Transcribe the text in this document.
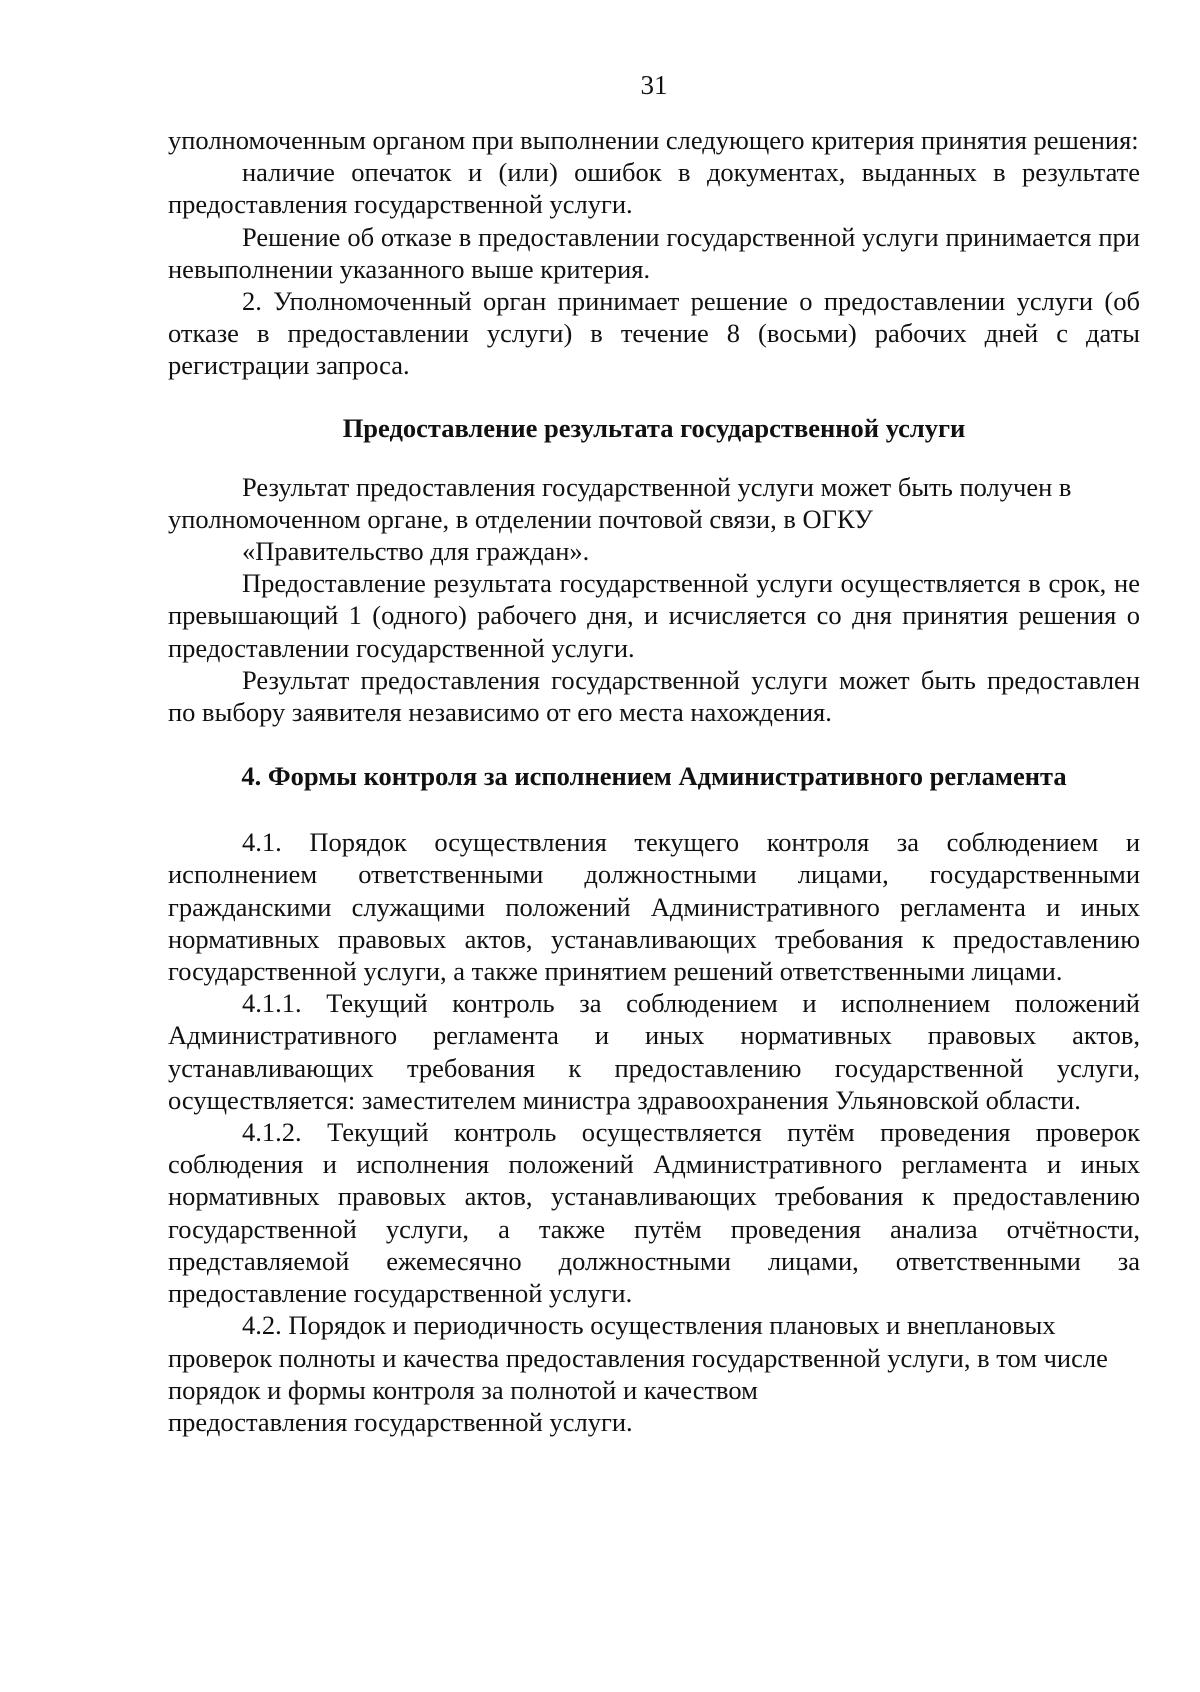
31

уполномоченным органом при выполнении следующего критерия принятия решения:

наличие опечаток и (или) ошибок в документах, выданных в результате предоставления государственной услуги.

Решение об отказе в предоставлении государственной услуги принимается при невыполнении указанного выше критерия.

2. Уполномоченный орган принимает решение о предоставлении услуги (об отказе в предоставлении услуги) в течение 8 (восьми) рабочих дней с даты регистрации запроса.

Предоставление результата государственной услуги

Результат предоставления государственной услуги может быть получен в уполномоченном органе, в отделении почтовой связи, в ОГКУ

«Правительство для граждан».

Предоставление результата государственной услуги осуществляется в срок, не превышающий 1 (одного) рабочего дня, и исчисляется со дня принятия решения о предоставлении государственной услуги.

Результат предоставления государственной услуги может быть предоставлен по выбору заявителя независимо от его места нахождения.

4. Формы контроля за исполнением Административного регламента

4.1. Порядок осуществления текущего контроля за соблюдением и исполнением ответственными должностными лицами, государственными гражданскими служащими положений Административного регламента и иных нормативных правовых актов, устанавливающих требования к предоставлению государственной услуги, а также принятием решений ответственными лицами.

4.1.1. Текущий контроль за соблюдением и исполнением положений Административного регламента и иных нормативных правовых актов, устанавливающих требования к предоставлению государственной услуги, осуществляется: заместителем министра здравоохранения Ульяновской области.

4.1.2. Текущий контроль осуществляется путём проведения проверок соблюдения и исполнения положений Административного регламента и иных нормативных правовых актов, устанавливающих требования к предоставлению государственной услуги, а также путём проведения анализа отчётности, представляемой ежемесячно должностными лицами, ответственными за предоставление государственной услуги.

4.2. Порядок и периодичность осуществления плановых и внеплановых проверок полноты и качества предоставления государственной услуги, в том числе порядок и формы контроля за полнотой и качеством

предоставления государственной услуги.
